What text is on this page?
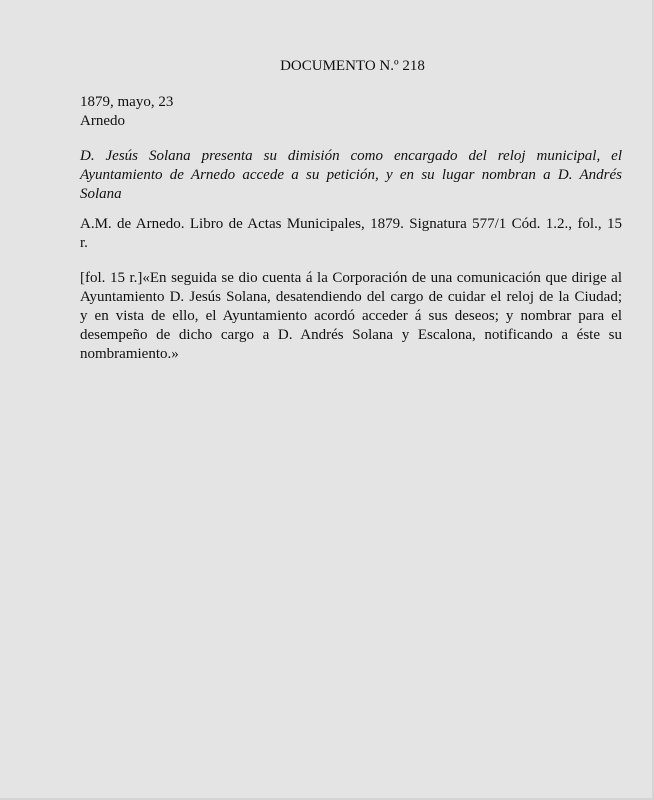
DOCUMENTO N.º 218
1879, mayo, 23
Arnedo
D. Jesús Solana presenta su dimisión como encargado del reloj municipal, el
Ayuntamiento de Arnedo accede a su petición, y en su lugar nombran a D. Andrés
Solana
A.M. de Arnedo. Libro de Actas Municipales, 1879. Signatura 577/1 Cód. 1.2., fol., 15
r.
[fol. 15 r.]«En seguida se dio cuenta á la Corporación de una comunicación que dirige al
Ayuntamiento D. Jesús Solana, desatendiendo del cargo de cuidar el reloj de la Ciudad;
y en vista de ello, el Ayuntamiento acordó acceder á sus deseos; y nombrar para el
desempeño de dicho cargo a D. Andrés Solana y Escalona, notificando a éste su
nombramiento.»
